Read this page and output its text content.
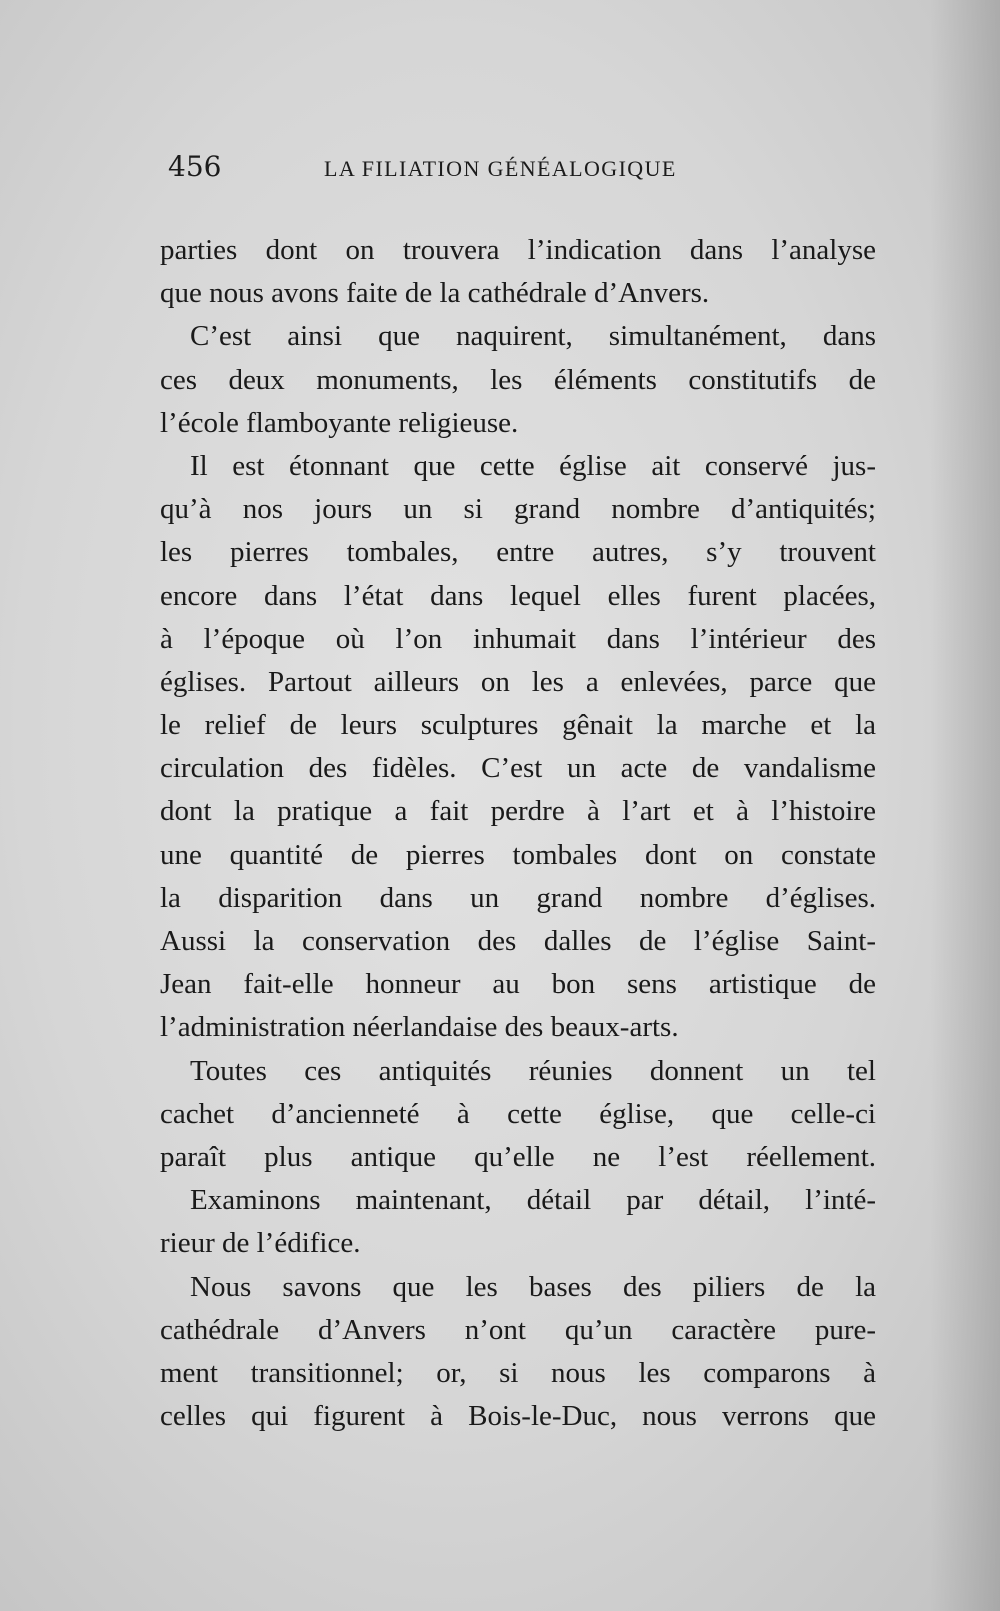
456	LA FILIATION GÉNÉALOGIQUE
parties dont on trouvera l’indication dans l’analyse
que nous avons faite de la cathédrale d’Anvers.
C’est ainsi que naquirent, simultanément, dans
ces deux monuments, les éléments constitutifs de
l’école flamboyante religieuse.
Il est étonnant que cette église ait conservé jus-
qu’à nos jours un si grand nombre d’antiquités;
les pierres tombales, entre autres, s’y trouvent
encore dans l’état dans lequel elles furent placées,
à l’époque où l’on inhumait dans l’intérieur des
églises. Partout ailleurs on les a enlevées, parce que
le relief de leurs sculptures gênait la marche et la
circulation des fidèles. C’est un acte de vandalisme
dont la pratique a fait perdre à l’art et à l’histoire
une quantité de pierres tombales dont on constate
la disparition dans un grand nombre d’églises.
Aussi la conservation des dalles de l’église Saint-
Jean fait-elle honneur au bon sens artistique de
l’administration néerlandaise des beaux-arts.
Toutes ces antiquités réunies donnent un tel
cachet d’ancienneté à cette église, que celle-ci
paraît plus antique qu’elle ne l’est réellement.
Examinons maintenant, détail par détail, l’inté-
rieur de l’édifice.
Nous savons que les bases des piliers de la
cathédrale d’Anvers n’ont qu’un caractère pure-
ment transitionnel; or, si nous les comparons à
celles qui figurent à Bois-le-Duc, nous verrons que
